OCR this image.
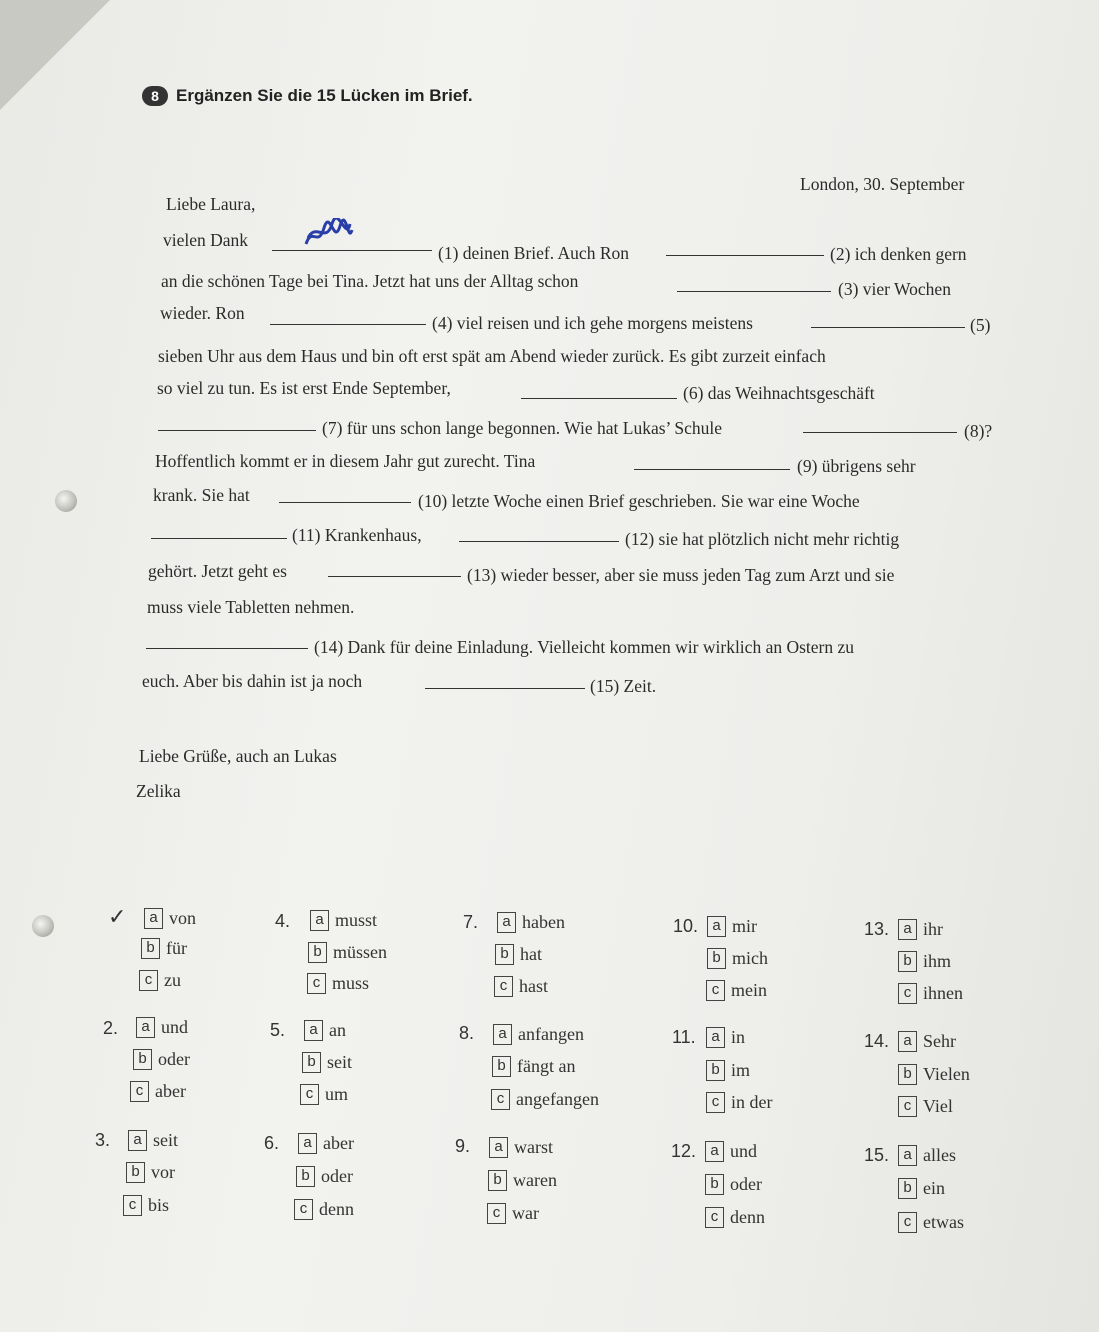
8	Ergänzen Sie die 15 Lücken im Brief.
London, 30. September
Liebe Laura,
vielen Dank
(1) deinen Brief. Auch Ron	(2) ich denken gern
an die schönen Tage bei Tina. Jetzt hat uns der Alltag schon	(3) vier Wochen
wieder. Ron	(4) viel reisen und ich gehe morgens meistens	(5)
sieben Uhr aus dem Haus und bin oft erst spät am Abend wieder zurück. Es gibt zurzeit einfach
so viel zu tun. Es ist erst Ende September,	(6) das Weihnachtsgeschäft
(7) für uns schon lange begonnen. Wie hat Lukas’ Schule	(8)?
Hoffentlich kommt er in diesem Jahr gut zurecht. Tina	(9) übrigens sehr
krank. Sie hat	(10) letzte Woche einen Brief geschrieben. Sie war eine Woche
(11) Krankenhaus,	(12) sie hat plötzlich nicht mehr richtig
gehört. Jetzt geht es	(13) wieder besser, aber sie muss jeden Tag zum Arzt und sie
muss viele Tabletten nehmen.
(14) Dank für deine Einladung. Vielleicht kommen wir wirklich an Ostern zu
euch. Aber bis dahin ist ja noch	(15) Zeit.
Liebe Grüße, auch an Lukas
Zelika
✓	a von
b für
c zu
2.	a und
b oder
c aber
3.	a seit
b vor
c bis
4.	a musst
b müssen
c muss
5.	a an
b seit
c um
6.	a aber
b oder
c denn
7.	a haben
b hat
c hast
8.	a anfangen
b fängt an
c angefangen
9.	a warst
b waren
c war
10. a mir
b mich
c mein
11.	a in
b im
c in der
12. a und
b oder
c denn
13. a ihr
b ihm
c ihnen
14. a Sehr
b Vielen
c Viel
15. a alles
b ein
c etwas
